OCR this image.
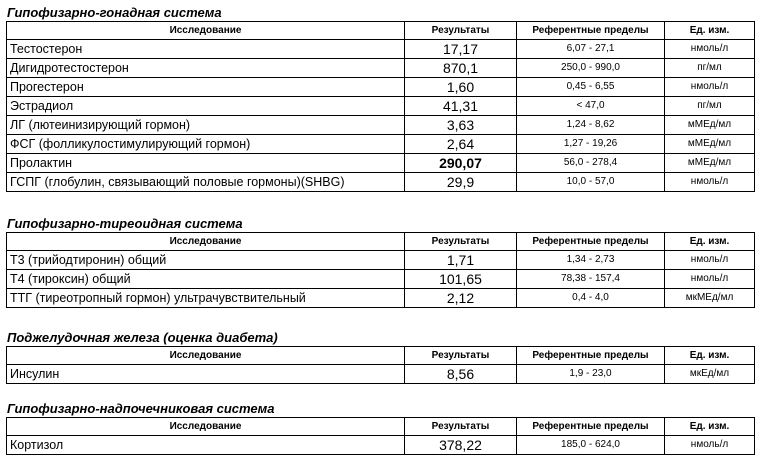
Гипофизарно-гонадная система
Исследование	Результаты	Референтные пределы	Ед. изм.
Тестостерон	17,17	6,07 - 27,1	нмоль/л
Дигидротестостерон	870,1	250,0 - 990,0	пг/мл
Прогестерон	1,60	0,45 - 6,55	нмоль/л
Эстрадиол	41,31	< 47,0	пг/мл
ЛГ (лютеинизирующий гормон)	3,63	1,24 - 8,62	мМЕд/мл
ФСГ (фолликулостимулирующий гормон)	2,64	1,27 - 19,26	мМЕд/мл
Пролактин	290,07	56,0 - 278,4	мМЕд/мл
ГСПГ (глобулин, связывающий половые гормоны)(SHBG)	29,9	10,0 - 57,0	нмоль/л
Гипофизарно-тиреоидная система
Исследование	Результаты	Референтные пределы	Ед. изм.
Т3 (трийодтиронин) общий	1,71	1,34 - 2,73	нмоль/л
Т4 (тироксин) общий	101,65	78,38 - 157,4	нмоль/л
ТТГ (тиреотропный гормон) ультрачувствительный	2,12	0,4 - 4,0	мкМЕд/мл
Поджелудочная железа (оценка диабета)
Исследование	Результаты	Референтные пределы	Ед. изм.
Инсулин	8,56	1,9 - 23,0	мкЕд/мл
Гипофизарно-надпочечниковая система
Исследование	Результаты	Референтные пределы	Ед. изм.
Кортизол	378,22	185,0 - 624,0	нмоль/л
